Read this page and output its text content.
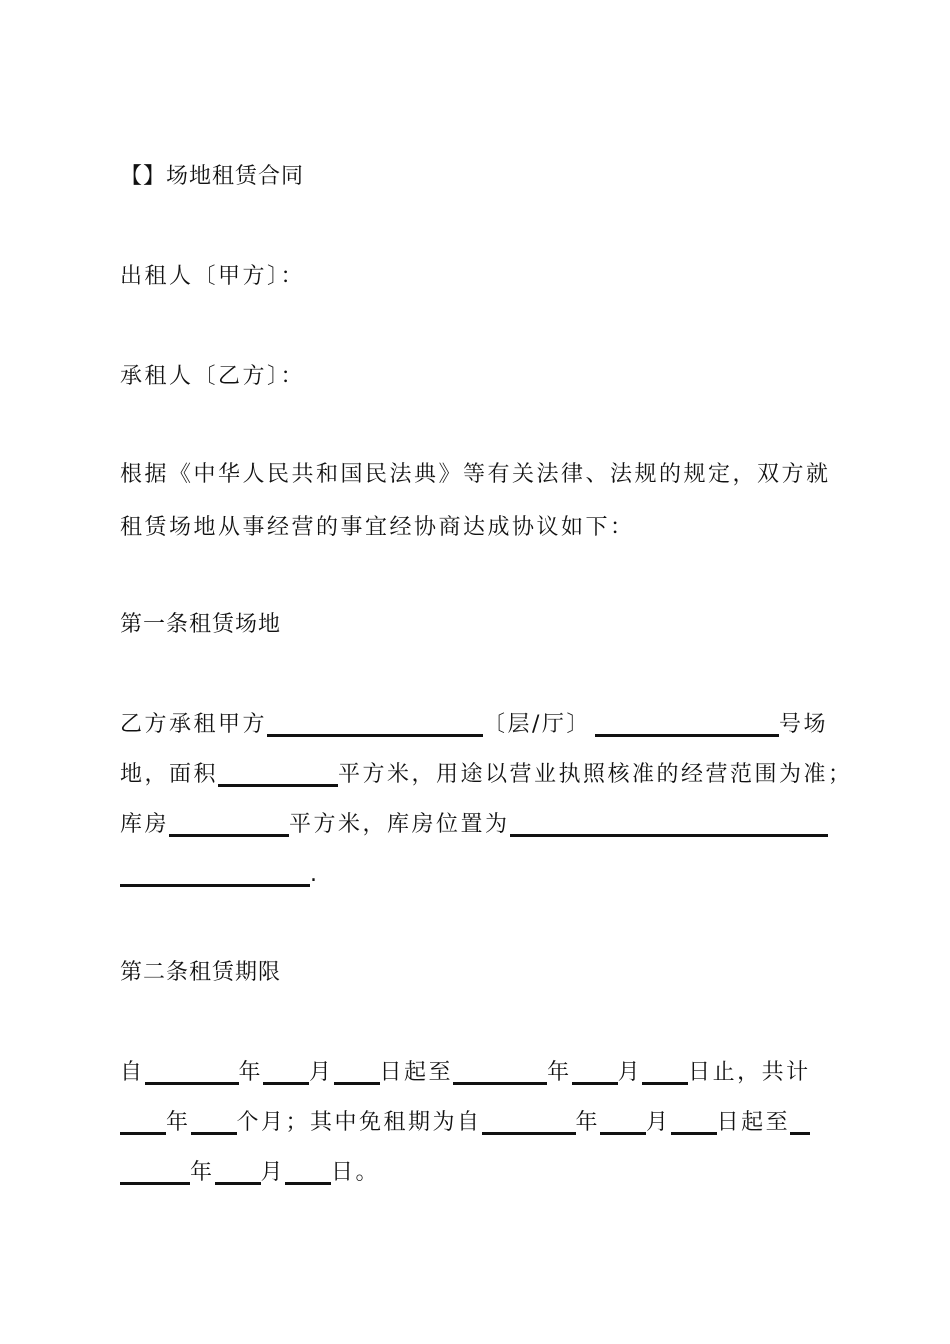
【】场地租赁合同
出租人〔甲方〕：
承租人〔乙方〕：
根据《中华人民共和国民法典》等有关法律、法规的规定，双方就
租赁场地从事经营的事宜经协商达成协议如下：
第一条租赁场地
乙方承租甲方	〔层/厅〕	号场
地，面积	平方米，用途以营业执照核准的经营范围为准；
库房	平方米，库房位置为
.
第二条租赁期限
自	年 月 日起至	年 月 日止，共计
年 个月；其中免租期为自	年 月 日起至
年 月 日。
